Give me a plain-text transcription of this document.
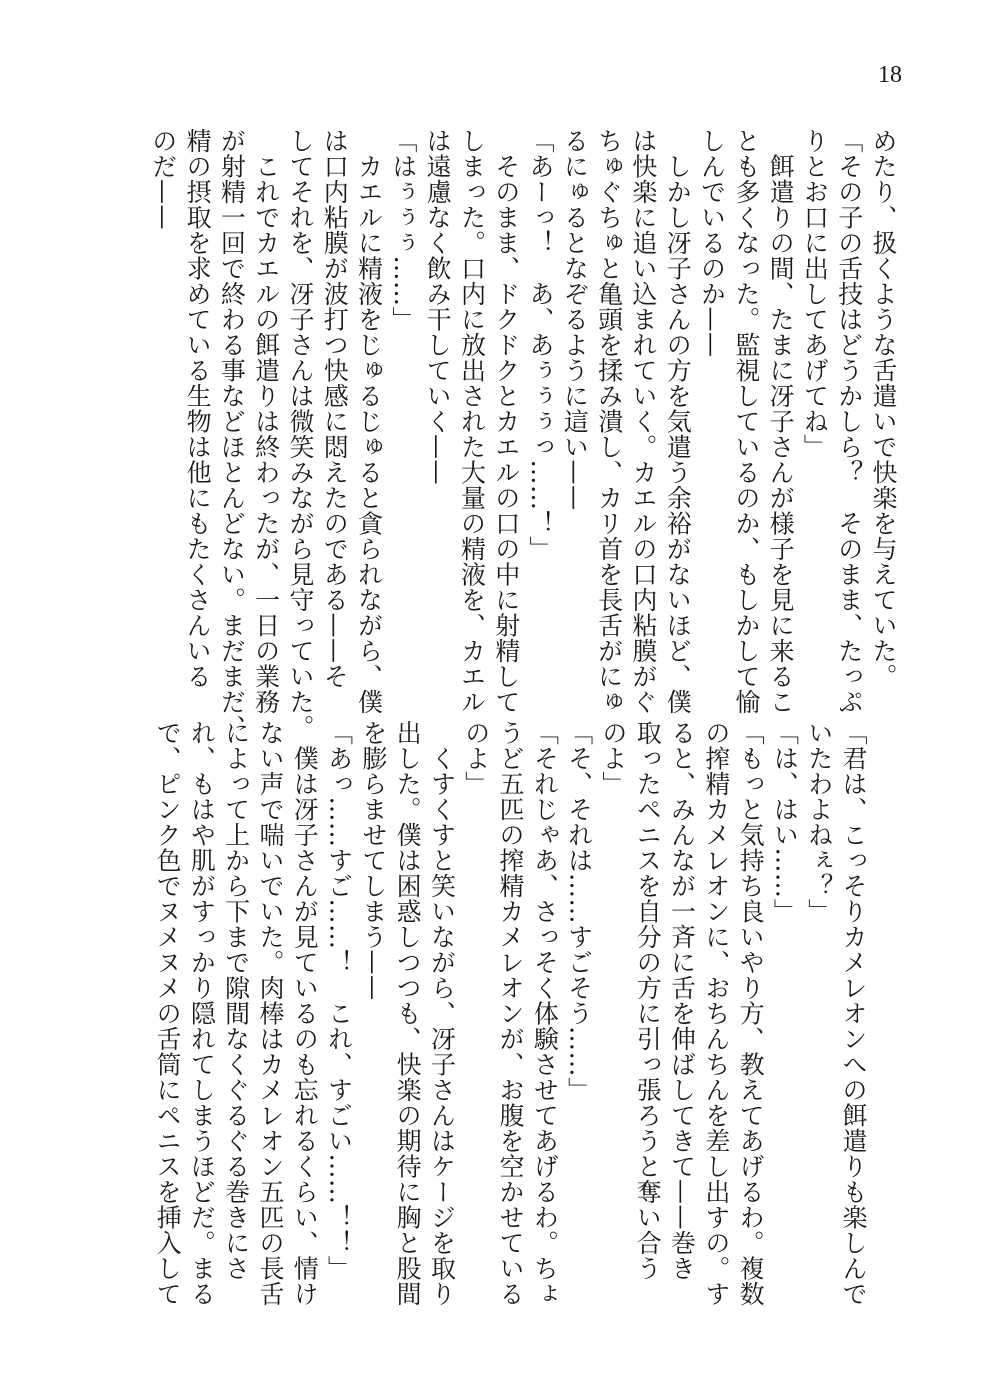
18
めたり、扱くような舌遣いで快楽を与えていた。
「その子の舌技はどうかしら？　そのまま、たっぷ
りとお口に出してあげてね」
　餌遣りの間、たまに冴子さんが様子を見に来るこ
とも多くなった。監視しているのか、もしかして愉
しんでいるのか——
　しかし冴子さんの方を気遣う余裕がないほど、僕
は快楽に追い込まれていく。カエルの口内粘膜がぐ
ちゅぐちゅと亀頭を揉み潰し、カリ首を長舌がにゅ
るにゅるとなぞるように這い——
「あーっ！　あ、あぅぅぅっ……！」
　そのまま、ドクドクとカエルの口の中に射精して
しまった。口内に放出された大量の精液を、カエル
は遠慮なく飲み干していく——
「はぅぅぅ……」
　カエルに精液をじゅるじゅると貪られながら、僕
は口内粘膜が波打つ快感に悶えたのである——そ
してそれを、冴子さんは微笑みながら見守っていた。
　これでカエルの餌遣りは終わったが、一日の業務
が射精一回で終わる事などほとんどない。まだまだ、
精の摂取を求めている生物は他にもたくさんいる
のだ——
「君は、こっそりカメレオンへの餌遣りも楽しんで
いたわよねぇ？」
「は、はい……」
「もっと気持ち良いやり方、教えてあげるわ。複数
の搾精カメレオンに、おちんちんを差し出すの。す
ると、みんなが一斉に舌を伸ばしてきて——巻き
取ったペニスを自分の方に引っ張ろうと奪い合う
のよ」
「そ、それは……すごそう……」
「それじゃあ、さっそく体験させてあげるわ。ちょ
うど五匹の搾精カメレオンが、お腹を空かせている
のよ」
　くすくすと笑いながら、冴子さんはケージを取り
出した。僕は困惑しつつも、快楽の期待に胸と股間
を膨らませてしまう——
「あっ……すご……！　これ、すごい……！！」
　僕は冴子さんが見ているのも忘れるくらい、情け
ない声で喘いでいた。肉棒はカメレオン五匹の長舌
によって上から下まで隙間なくぐるぐる巻きにさ
れ、もはや肌がすっかり隠れてしまうほどだ。まる
で、ピンク色でヌメヌメの舌筒にペニスを挿入して
